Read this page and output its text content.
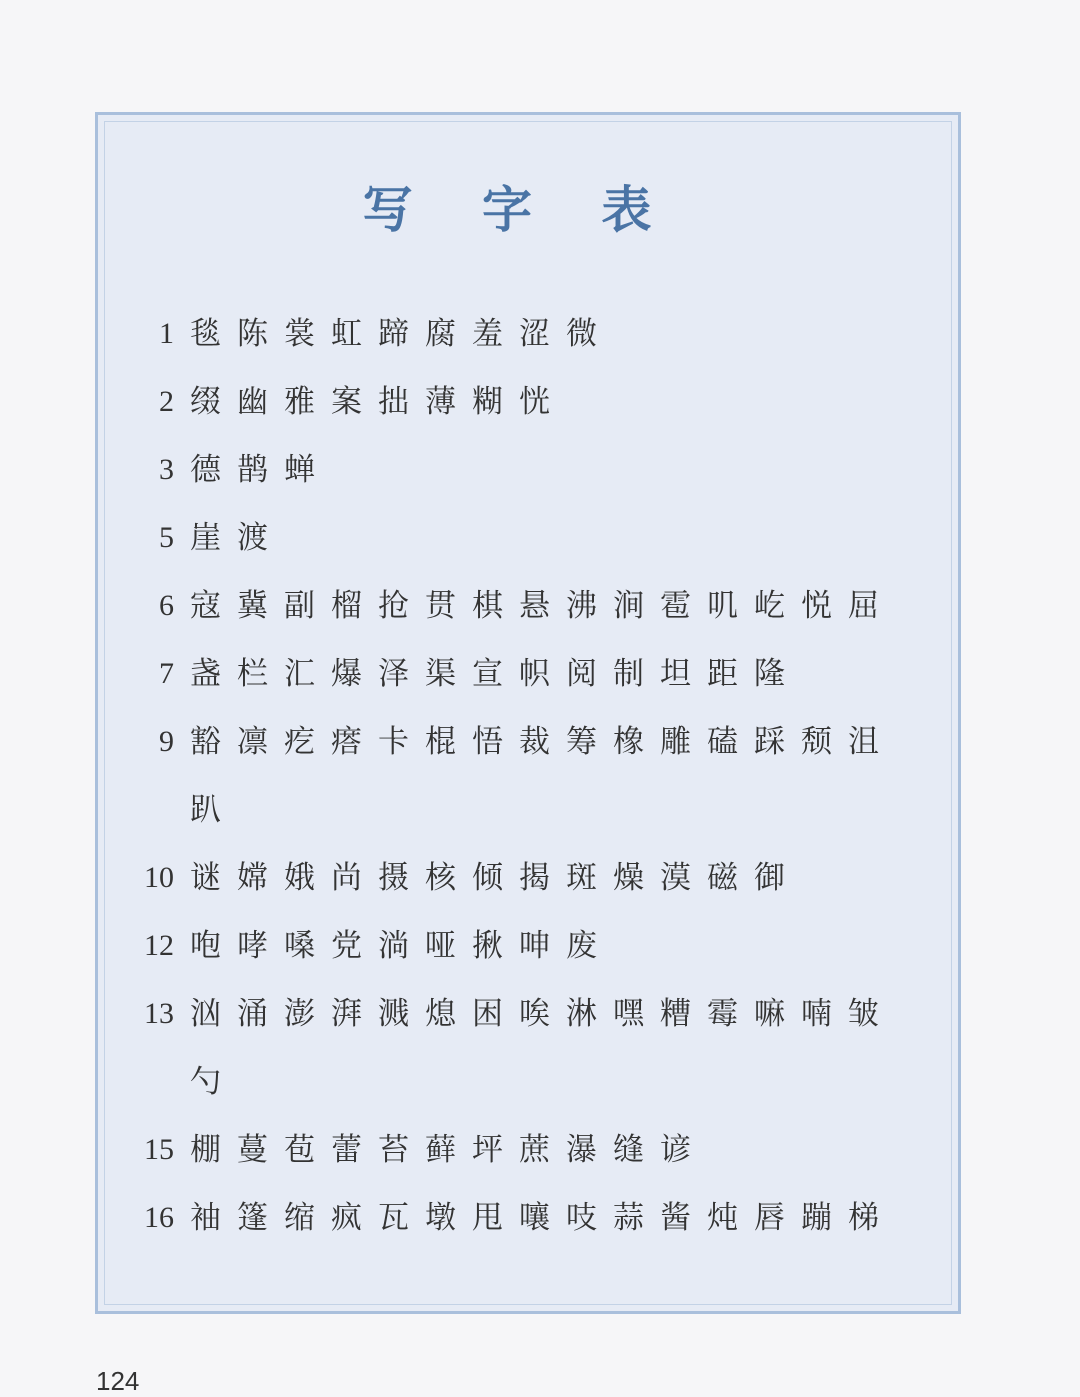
写 字 表
1 毯陈裳虹蹄腐羞涩微
2 缀幽雅案拙薄糊恍
3 德鹊蝉
5 崖渡
6 寇冀副榴抢贯棋悬沸涧雹叽屹悦屈
7 盏栏汇爆泽渠宣帜阅制坦距隆
9 豁凛疙瘩卡棍悟裁筹橡雕磕踩颓沮趴
10 谜嫦娥尚摄核倾揭斑燥漠磁御
12 咆哮嗓党淌哑揪呻废
13 汹涌澎湃溅熄困唉淋嘿糟霉嘛喃皱勺
15 棚蔓苞蕾苔藓坪蔗瀑缝谚
16 袖篷缩疯瓦墩甩嚷吱蒜酱炖唇蹦梯
124
